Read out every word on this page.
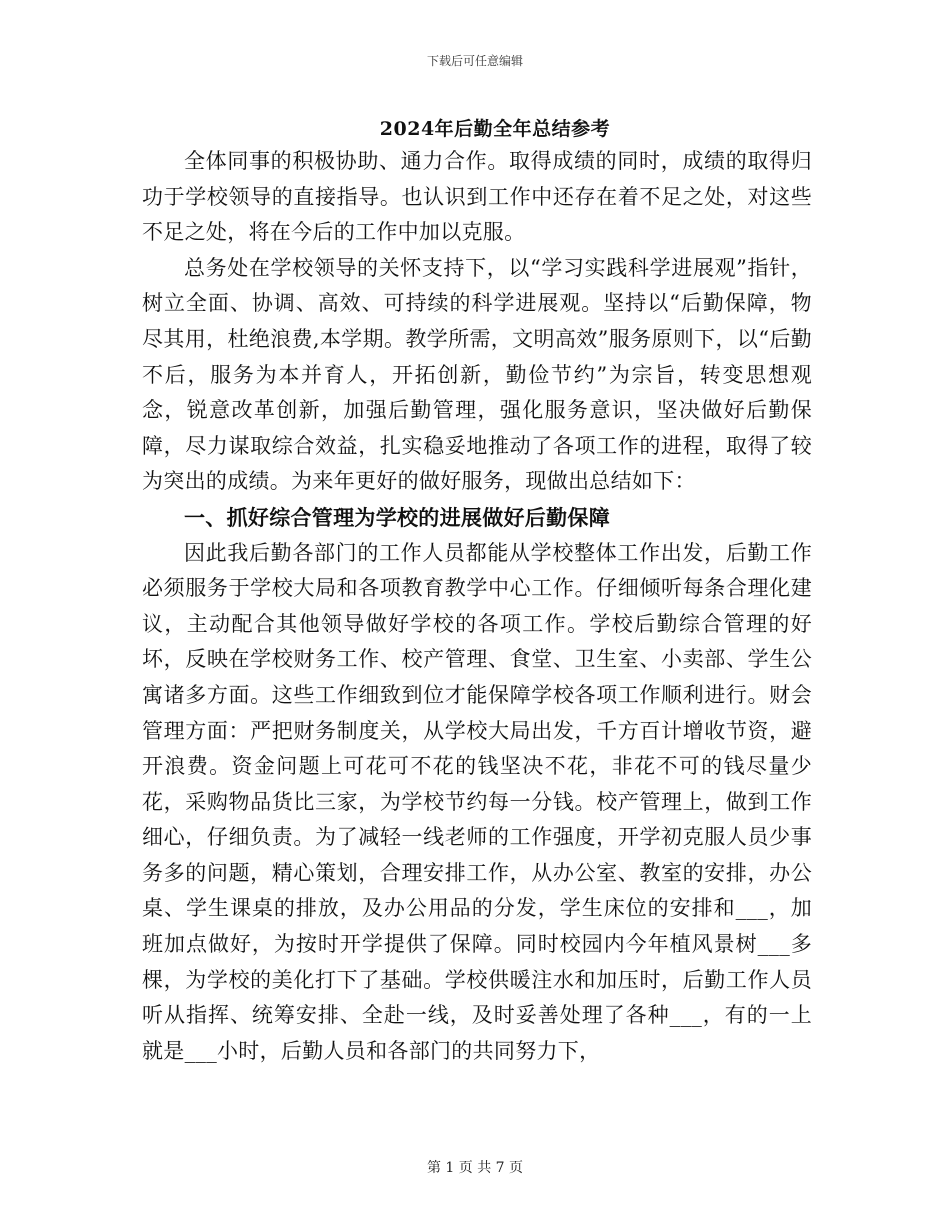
下载后可任意编辑
2024年后勤全年总结参考

全体同事的积极协助、通力合作。取得成绩的同时，成绩的取得归功于学校领导的直接指导。也认识到工作中还存在着不足之处，对这些不足之处，将在今后的工作中加以克服。

总务处在学校领导的关怀支持下，以“学习实践科学进展观”指针，树立全面、协调、高效、可持续的科学进展观。坚持以“后勤保障，物尽其用，杜绝浪费,本学期。教学所需，文明高效”服务原则下，以“后勤不后，服务为本并育人，开拓创新，勤俭节约”为宗旨，转变思想观念，锐意改革创新，加强后勤管理，强化服务意识，坚决做好后勤保障，尽力谋取综合效益，扎实稳妥地推动了各项工作的进程，取得了较为突出的成绩。为来年更好的做好服务，现做出总结如下：

一、抓好综合管理为学校的进展做好后勤保障

因此我后勤各部门的工作人员都能从学校整体工作出发，后勤工作必须服务于学校大局和各项教育教学中心工作。仔细倾听每条合理化建议，主动配合其他领导做好学校的各项工作。学校后勤综合管理的好坏，反映在学校财务工作、校产管理、食堂、卫生室、小卖部、学生公寓诸多方面。这些工作细致到位才能保障学校各项工作顺利进行。财会管理方面：严把财务制度关，从学校大局出发，千方百计增收节资，避开浪费。资金问题上可花可不花的钱坚决不花，非花不可的钱尽量少花，采购物品货比三家，为学校节约每一分钱。校产管理上，做到工作细心，仔细负责。为了减轻一线老师的工作强度，开学初克服人员少事务多的问题，精心策划，合理安排工作，从办公室、教室的安排，办公桌、学生课桌的排放，及办公用品的分发，学生床位的安排和___，加班加点做好，为按时开学提供了保障。同时校园内今年植风景树___多棵，为学校的美化打下了基础。学校供暖注水和加压时，后勤工作人员听从指挥、统筹安排、全赴一线，及时妥善处理了各种___，有的一上就是___小时，后勤人员和各部门的共同努力下，

第 1 页 共 7 页
